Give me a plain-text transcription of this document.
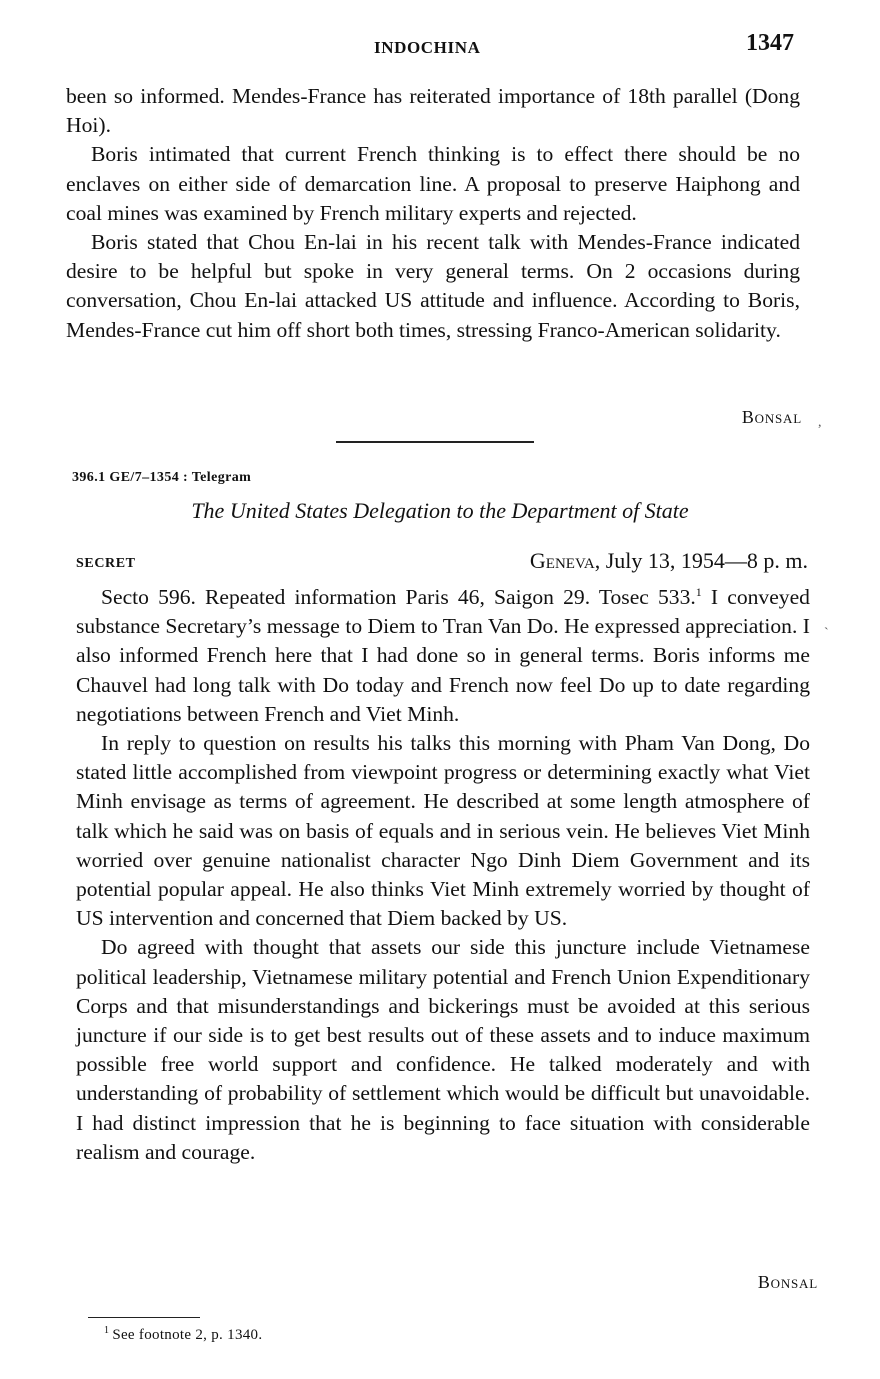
INDOCHINA	1347

been so informed. Mendes-France has reiterated importance of 18th parallel (Dong Hoi).

Boris intimated that current French thinking is to effect there should be no enclaves on either side of demarcation line. A proposal to preserve Haiphong and coal mines was examined by French military experts and rejected.

Boris stated that Chou En-lai in his recent talk with Mendes-France indicated desire to be helpful but spoke in very general terms. On 2 occasions during conversation, Chou En-lai attacked US attitude and influence. According to Boris, Mendes-France cut him off short both times, stressing Franco-American solidarity.

Bonsal ,
396.1 GE/7–1354 : Telegram
The United States Delegation to the Department of State
SECRET	Geneva, July 13, 1954—8 p. m.

Secto 596. Repeated information Paris 46, Saigon 29. Tosec 533.$^1$ I conveyed substance Secretary’s message to Diem to Tran Van Do. He expressed appreciation. I also informed French here that I had done so in general terms. Boris informs me Chauvel had long talk with Do today and French now feel Do up to date regarding negotiations between French and Viet Minh.

In reply to question on results his talks this morning with Pham Van Dong, Do stated little accomplished from viewpoint progress or determining exactly what Viet Minh envisage as terms of agreement. He described at some length atmosphere of talk which he said was on basis of equals and in serious vein. He believes Viet Minh worried over genuine nationalist character Ngo Dinh Diem Government and its potential popular appeal. He also thinks Viet Minh extremely worried by thought of US intervention and concerned that Diem backed by US.

Do agreed with thought that assets our side this juncture include Vietnamese political leadership, Vietnamese military potential and French Union Expenditionary Corps and that misunderstandings and bickerings must be avoided at this serious juncture if our side is to get best results out of these assets and to induce maximum possible free world support and confidence. He talked moderately and with understanding of probability of settlement which would be difficult but unavoidable. I had distinct impression that he is beginning to face situation with considerable realism and courage.

`
Bonsal
$^1$ See footnote 2, p. 1340.
